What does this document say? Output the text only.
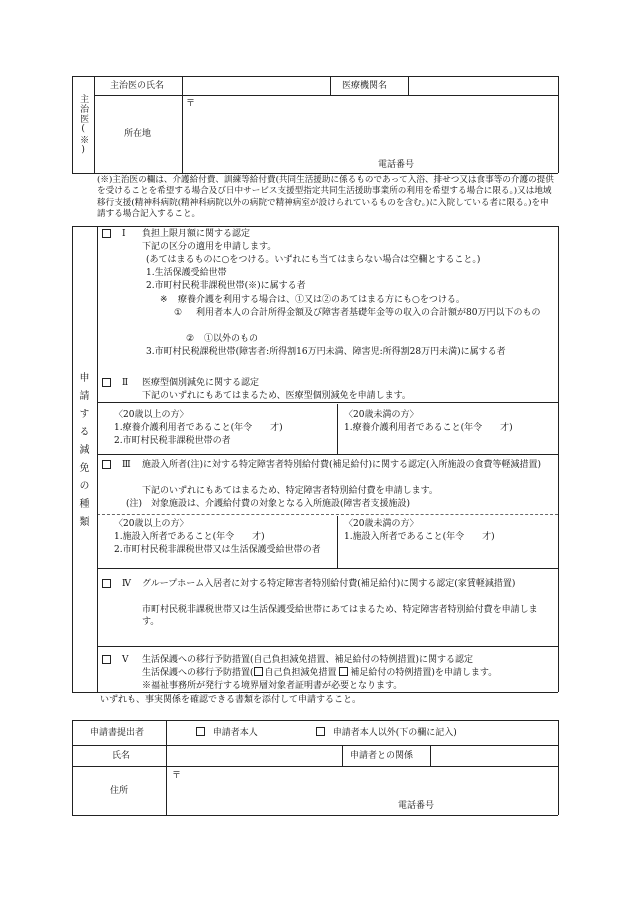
主治医(※)
主治医の氏名	医療機関名
所在地
〒
電話番号
(※)主治医の欄は、介護給付費、訓練等給付費(共同生活援助に係るものであって入浴、排せつ又は食事等の介護の提供を受けることを希望する場合及び日中サービス支援型指定共同生活援助事業所の利用を希望する場合に限る。)又は地域移行支援(精神科病院(精神科病院以外の病院で精神病室が設けられているものを含む。)に入院している者に限る。)を申請する場合記入すること。
申請する減免の種類
Ⅰ 負担上限月額に関する認定
下記の区分の適用を申請します。
(あてはまるものに○をつける。いずれにも当てはまらない場合は空欄とすること。)
1.生活保護受給世帯
2.市町村民税非課税世帯(※)に属する者
※ 療養介護を利用する場合は、①又は②のあてはまる方にも○をつける。
① 利用者本人の合計所得金額及び障害者基礎年金等の収入の合計額が80万円以下のもの
② ①以外のもの
3.市町村民税課税世帯(障害者:所得割16万円未満、障害児:所得割28万円未満)に属する者
Ⅱ 医療型個別減免に関する認定
下記のいずれにもあてはまるため、医療型個別減免を申請します。
〈20歳以上の方〉
1.療養介護利用者であること(年令　　才)
2.市町村民税非課税世帯の者
〈20歳未満の方〉
1.療養介護利用者であること(年令　　才)
Ⅲ 施設入所者(注)に対する特定障害者特別給付費(補足給付)に関する認定(入所施設の食費等軽減措置)
下記のいずれにもあてはまるため、特定障害者特別給付費を申請します。
(注)　対象施設は、介護給付費の対象となる入所施設(障害者支援施設)
〈20歳以上の方〉
1.施設入所者であること(年令　　才)
2.市町村民税非課税世帯又は生活保護受給世帯の者
〈20歳未満の方〉
1.施設入所者であること(年令　　才)
Ⅳ グループホーム入居者に対する特定障害者特別給付費(補足給付)に関する認定(家賃軽減措置)
市町村民税非課税世帯又は生活保護受給世帯にあてはまるため、特定障害者特別給付費を申請します。
Ⅴ 生活保護への移行予防措置(自己負担減免措置、補足給付の特例措置)に関する認定
生活保護への移行予防措置( 自己負担減免措置 補足給付の特例措置)を申請します。
※福祉事務所が発行する境界層対象者証明書が必要となります。
いずれも、事実関係を確認できる書類を添付して申請すること。
申請書提出者	申請者本人	申請者本人以外(下の欄に記入)
氏名	申請者との関係
住所
〒
電話番号
